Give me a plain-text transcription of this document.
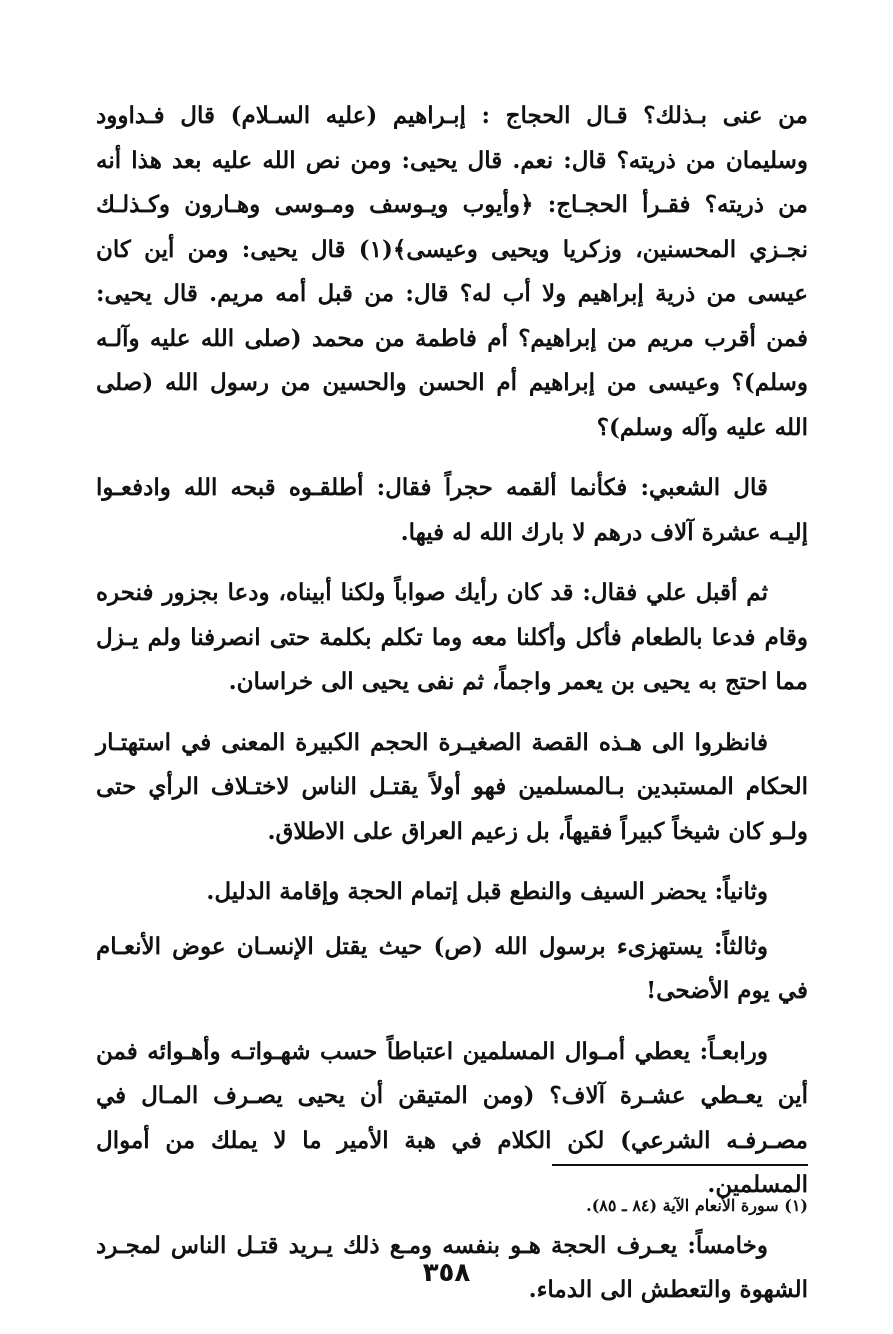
من عنى بـذلك؟ قـال الحجاج : إبـراهيم (عليه السـلام) قال فـداوود وسليمان من ذريته؟ قال: نعم. قال يحيى: ومن نص الله عليه بعد هذا أنه من ذريته؟ فقـرأ الحجـاج: ﴿وأيوب ويـوسف ومـوسى وهـارون وكـذلـك نجـزي المحسنين، وزكريا ويحيى وعيسى﴾(١) قال يحيى: ومن أين كان عيسى من ذرية إبراهيم ولا أب له؟ قال: من قبل أمه مريم. قال يحيى: فمن أقرب مريم من إبراهيم؟ أم فاطمة من محمد (صلى الله عليه وآلـه وسلم)؟ وعيسى من إبراهيم أم الحسن والحسين من رسول الله (صلى الله عليه وآله وسلم)؟

قال الشعبي: فكأنما ألقمه حجراً فقال: أطلقـوه قبحه الله وادفعـوا إليـه عشرة آلاف درهم لا بارك الله له فيها.

ثم أقبل علي فقال: قد كان رأيك صواباً ولكنا أبيناه، ودعا بجزور فنحره وقام فدعا بالطعام فأكل وأكلنا معه وما تكلم بكلمة حتى انصرفنا ولم يـزل مما احتج به يحيى بن يعمر واجماً، ثم نفى يحيى الى خراسان.

فانظروا الى هـذه القصة الصغيـرة الحجم الكبيرة المعنى في استهتـار الحكام المستبدين بـالمسلمين فهو أولاً يقتـل الناس لاختـلاف الرأي حتى ولـو كان شيخاً كبيراً فقيهاً، بل زعيم العراق على الاطلاق.

وثانياً: يحضر السيف والنطع قبل إتمام الحجة وإقامة الدليل.

وثالثاً: يستهزىء برسول الله (ص) حيث يقتل الإنسـان عوض الأنعـام في يوم الأضحى!

ورابعـاً: يعطي أمـوال المسلمين اعتباطاً حسب شهـواتـه وأهـوائه فمن أين يعـطي عشـرة آلاف؟ (ومن المتيقن أن يحيى يصـرف المـال في مصـرفـه الشرعي) لكن الكلام في هبة الأمير ما لا يملك من أموال المسلمين.

وخامساً: يعـرف الحجة هـو بنفسه ومـع ذلك يـريد قتـل الناس لمجـرد الشهوة والتعطش الى الدماء.

(١) سورة الأنعام الآية (٨٤ ـ ٨٥).
٣٥٨
